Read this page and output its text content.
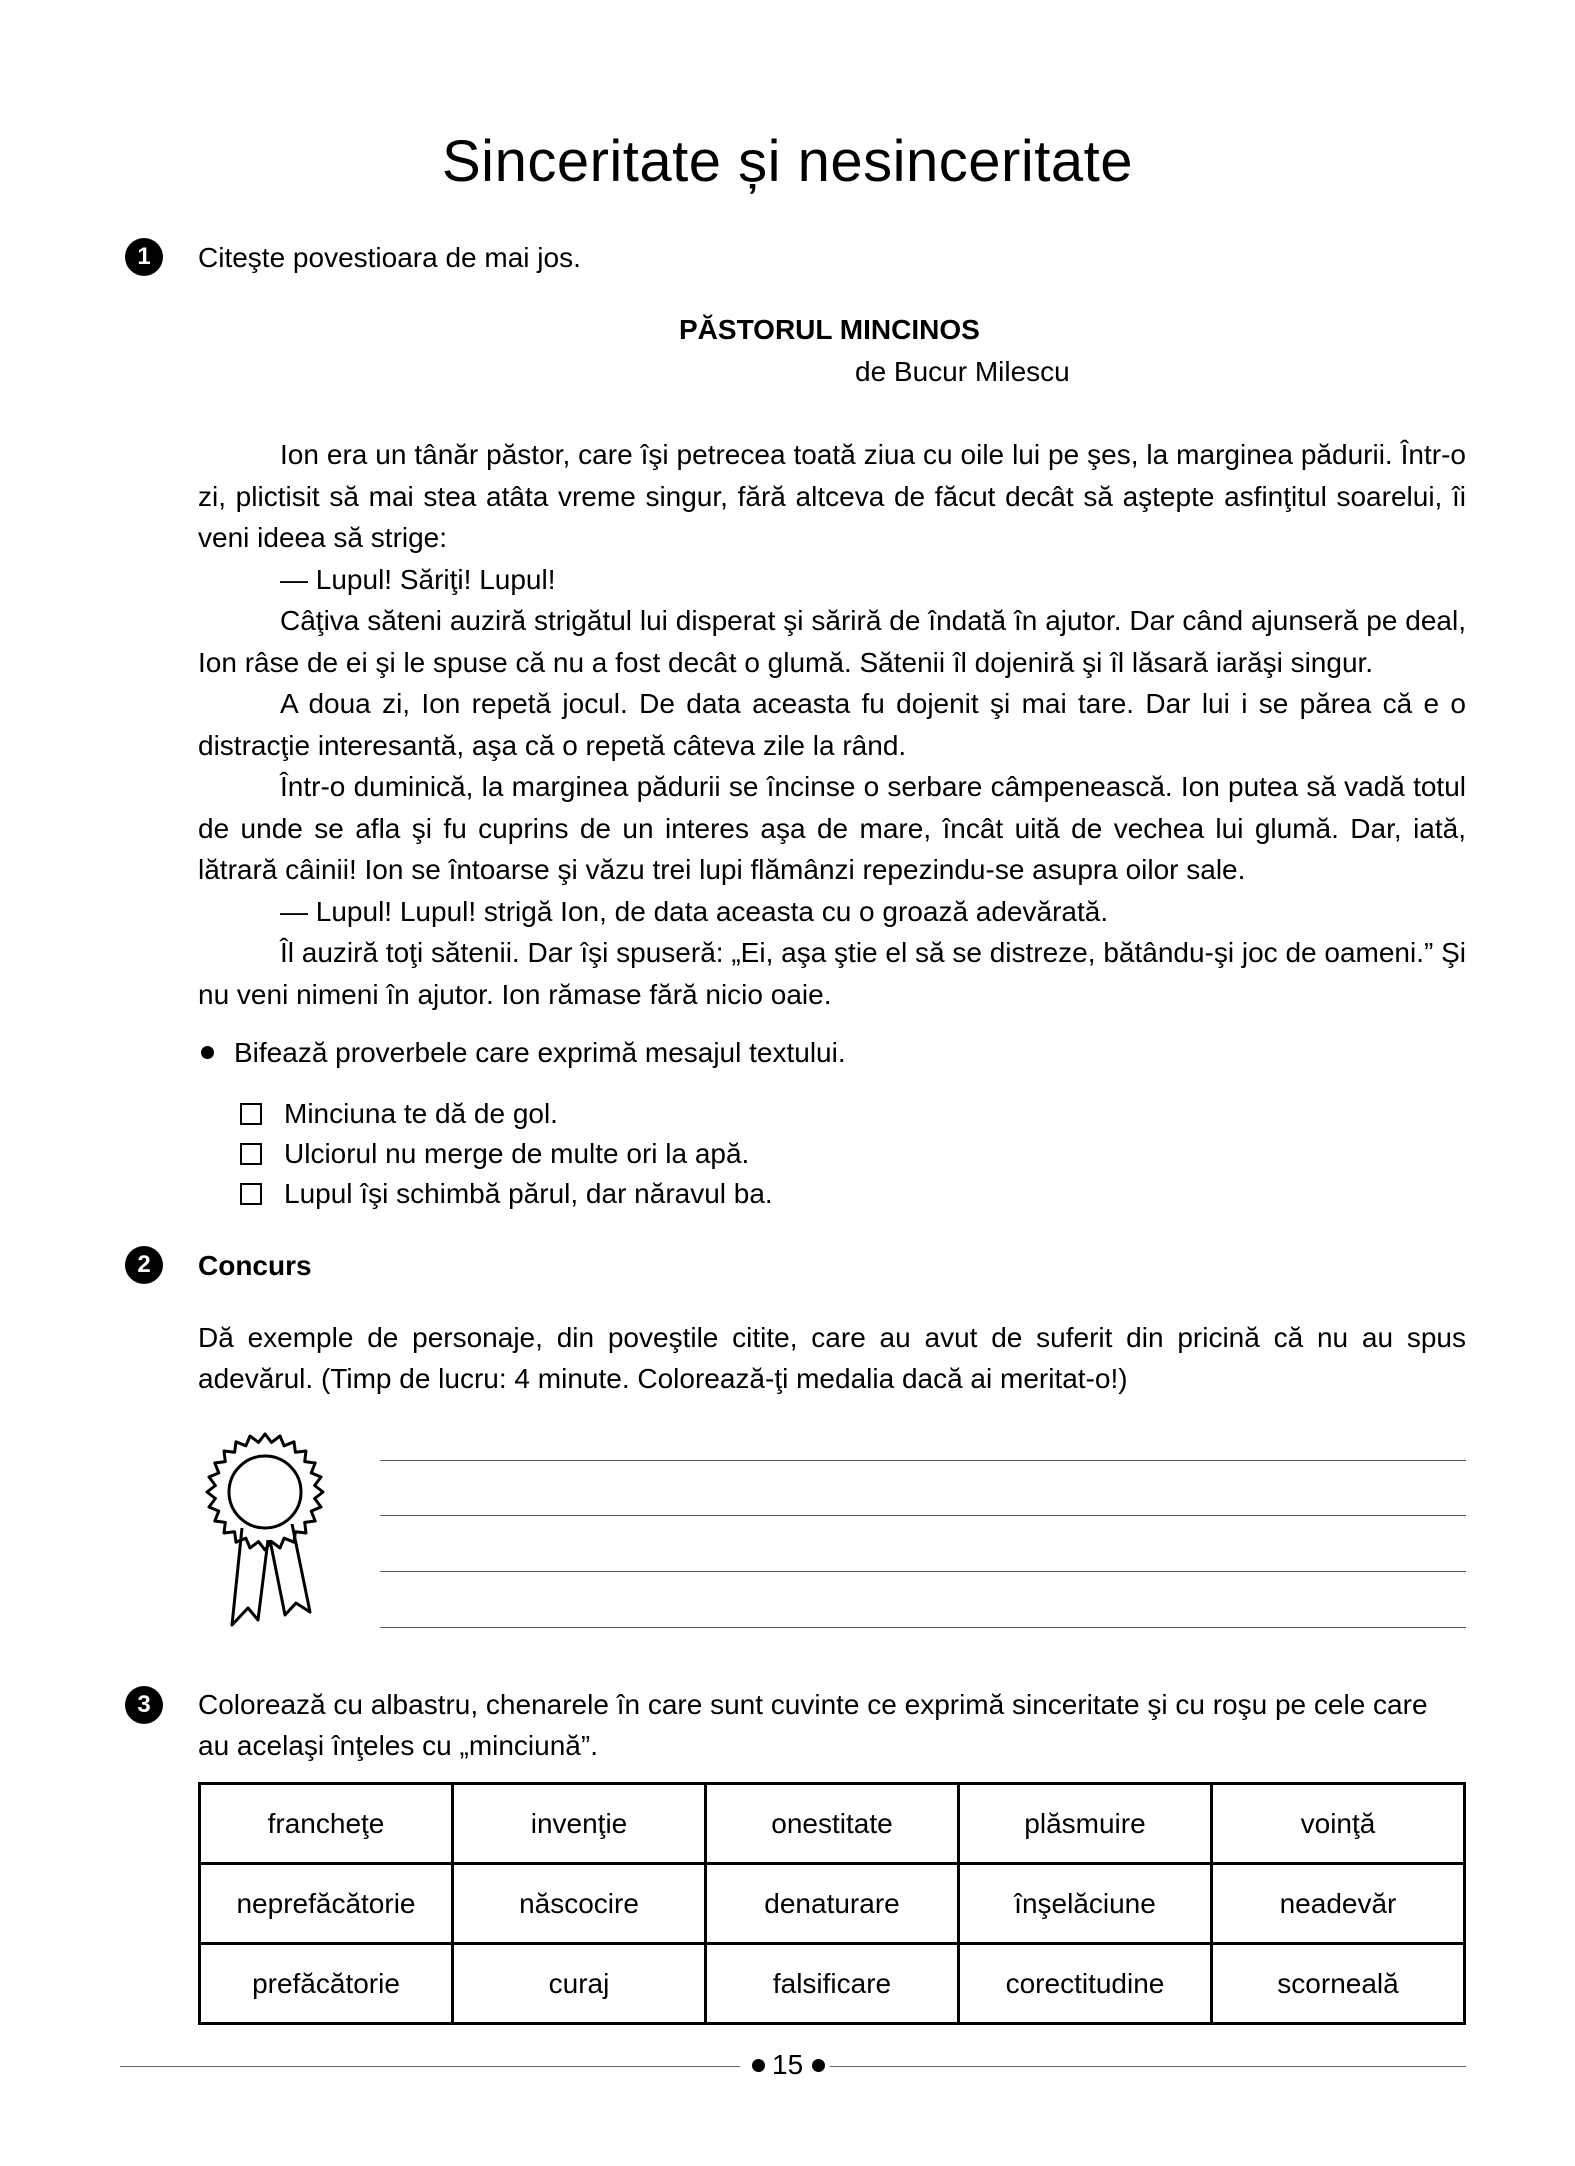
Sinceritate și nesinceritate
1	Citeşte povestioara de mai jos.
PĂSTORUL MINCINOS
de Bucur Milescu

Ion era un tânăr păstor, care îşi petrecea toată ziua cu oile lui pe şes, la marginea pădurii. Într-o zi, plictisit să mai stea atâta vreme singur, fără altceva de făcut decât să aştepte asfinţitul soarelui, îi veni ideea să strige:

— Lupul! Săriţi! Lupul!

Câţiva săteni auziră strigătul lui disperat şi săriră de îndată în ajutor. Dar când ajunseră pe deal, Ion râse de ei şi le spuse că nu a fost decât o glumă. Sătenii îl dojeniră şi îl lăsară iarăşi singur.

A doua zi, Ion repetă jocul. De data aceasta fu dojenit şi mai tare. Dar lui i se părea că e o distracţie interesantă, aşa că o repetă câteva zile la rând.

Într-o duminică, la marginea pădurii se încinse o serbare câmpenească. Ion putea să vadă totul de unde se afla şi fu cuprins de un interes aşa de mare, încât uită de vechea lui glumă. Dar, iată, lătrară câinii! Ion se întoarse şi văzu trei lupi flămânzi repezindu-se asupra oilor sale.

— Lupul! Lupul! strigă Ion, de data aceasta cu o groază adevărată.

Îl auziră toţi sătenii. Dar îşi spuseră: „Ei, aşa ştie el să se distreze, bătându-şi joc de oameni.” Şi nu veni nimeni în ajutor. Ion rămase fără nicio oaie.

Bifează proverbele care exprimă mesajul textului.
Minciuna te dă de gol.
Ulciorul nu merge de multe ori la apă.
Lupul îşi schimbă părul, dar năravul ba.
2	Concurs
Dă exemple de personaje, din poveştile citite, care au avut de suferit din pricină că nu au spus adevărul. (Timp de lucru: 4 minute. Colorează-ţi medalia dacă ai meritat-o!)
3	Colorează cu albastru, chenarele în care sunt cuvinte ce exprimă sinceritate şi cu roşu pe cele care au acelaşi înţeles cu „minciună”.
francheţe	invenţie	onestitate	plăsmuire	voinţă
neprefăcătorie	născocire	denaturare	înşelăciune	neadevăr
prefăcătorie	curaj	falsificare	corectitudine	scorneală
15
